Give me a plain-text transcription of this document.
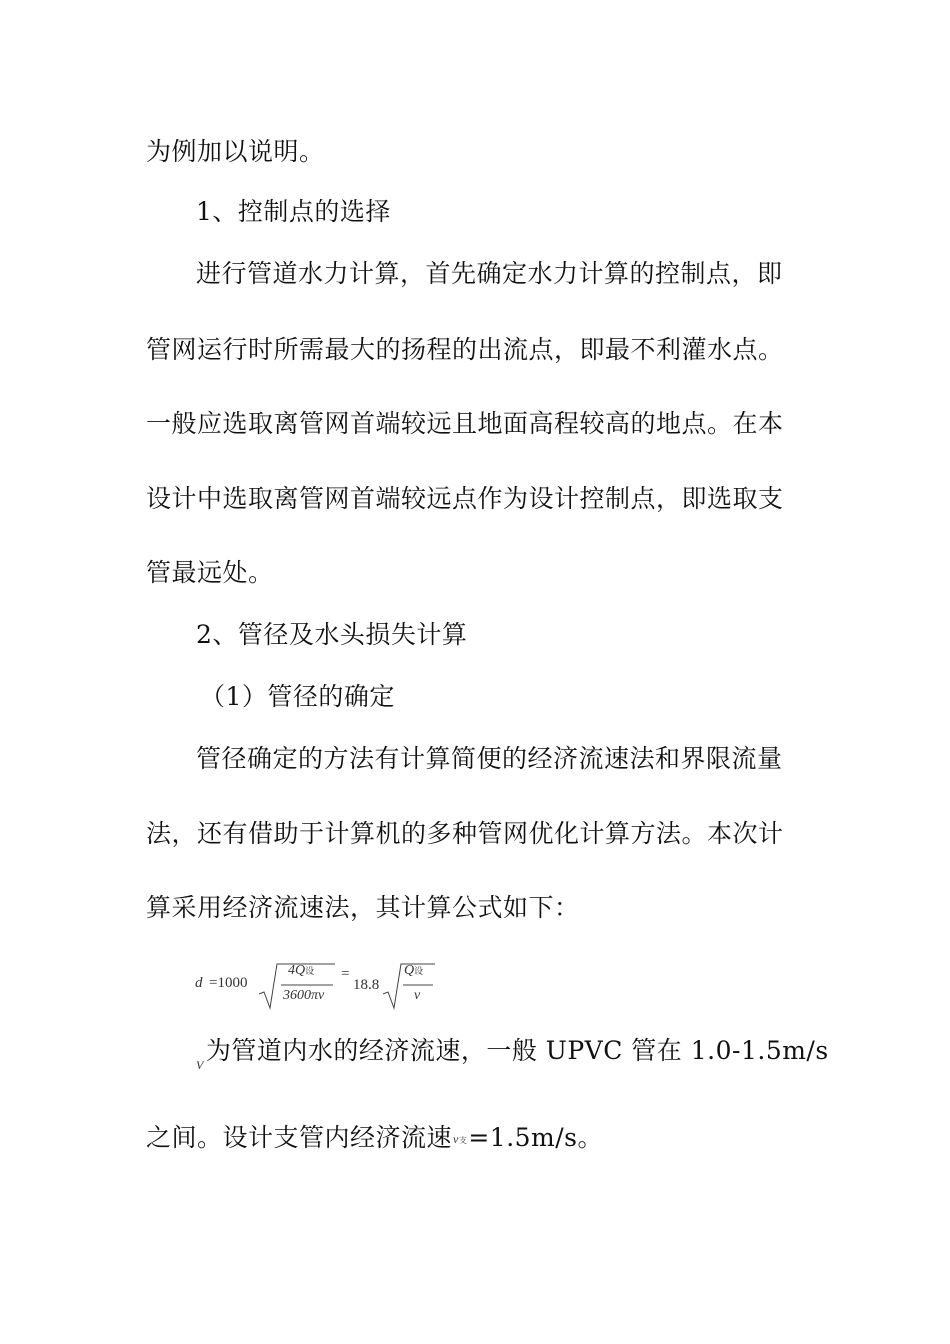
为例加以说明。
1、控制点的选择
进行管道水力计算，首先确定水力计算的控制点，即
管网运行时所需最大的扬程的出流点，即最不利灌水点。
一般应选取离管网首端较远且地面高程较高的地点。在本
设计中选取离管网首端较远点作为设计控制点，即选取支
管最远处。
2、管径及水头损失计算
（1）管径的确定
管径确定的方法有计算简便的经济流速法和界限流量
法，还有借助于计算机的多种管网优化计算方法。本次计
算采用经济流速法，其计算公式如下：
d =1000
4Q设
3600πν
=
18.8
Q设
ν
$_V$为管道内水的经济流速，一般 UPVC 管在 1.0-1.5m/s
之间。设计支管内经济流速v支=1.5m/s。
